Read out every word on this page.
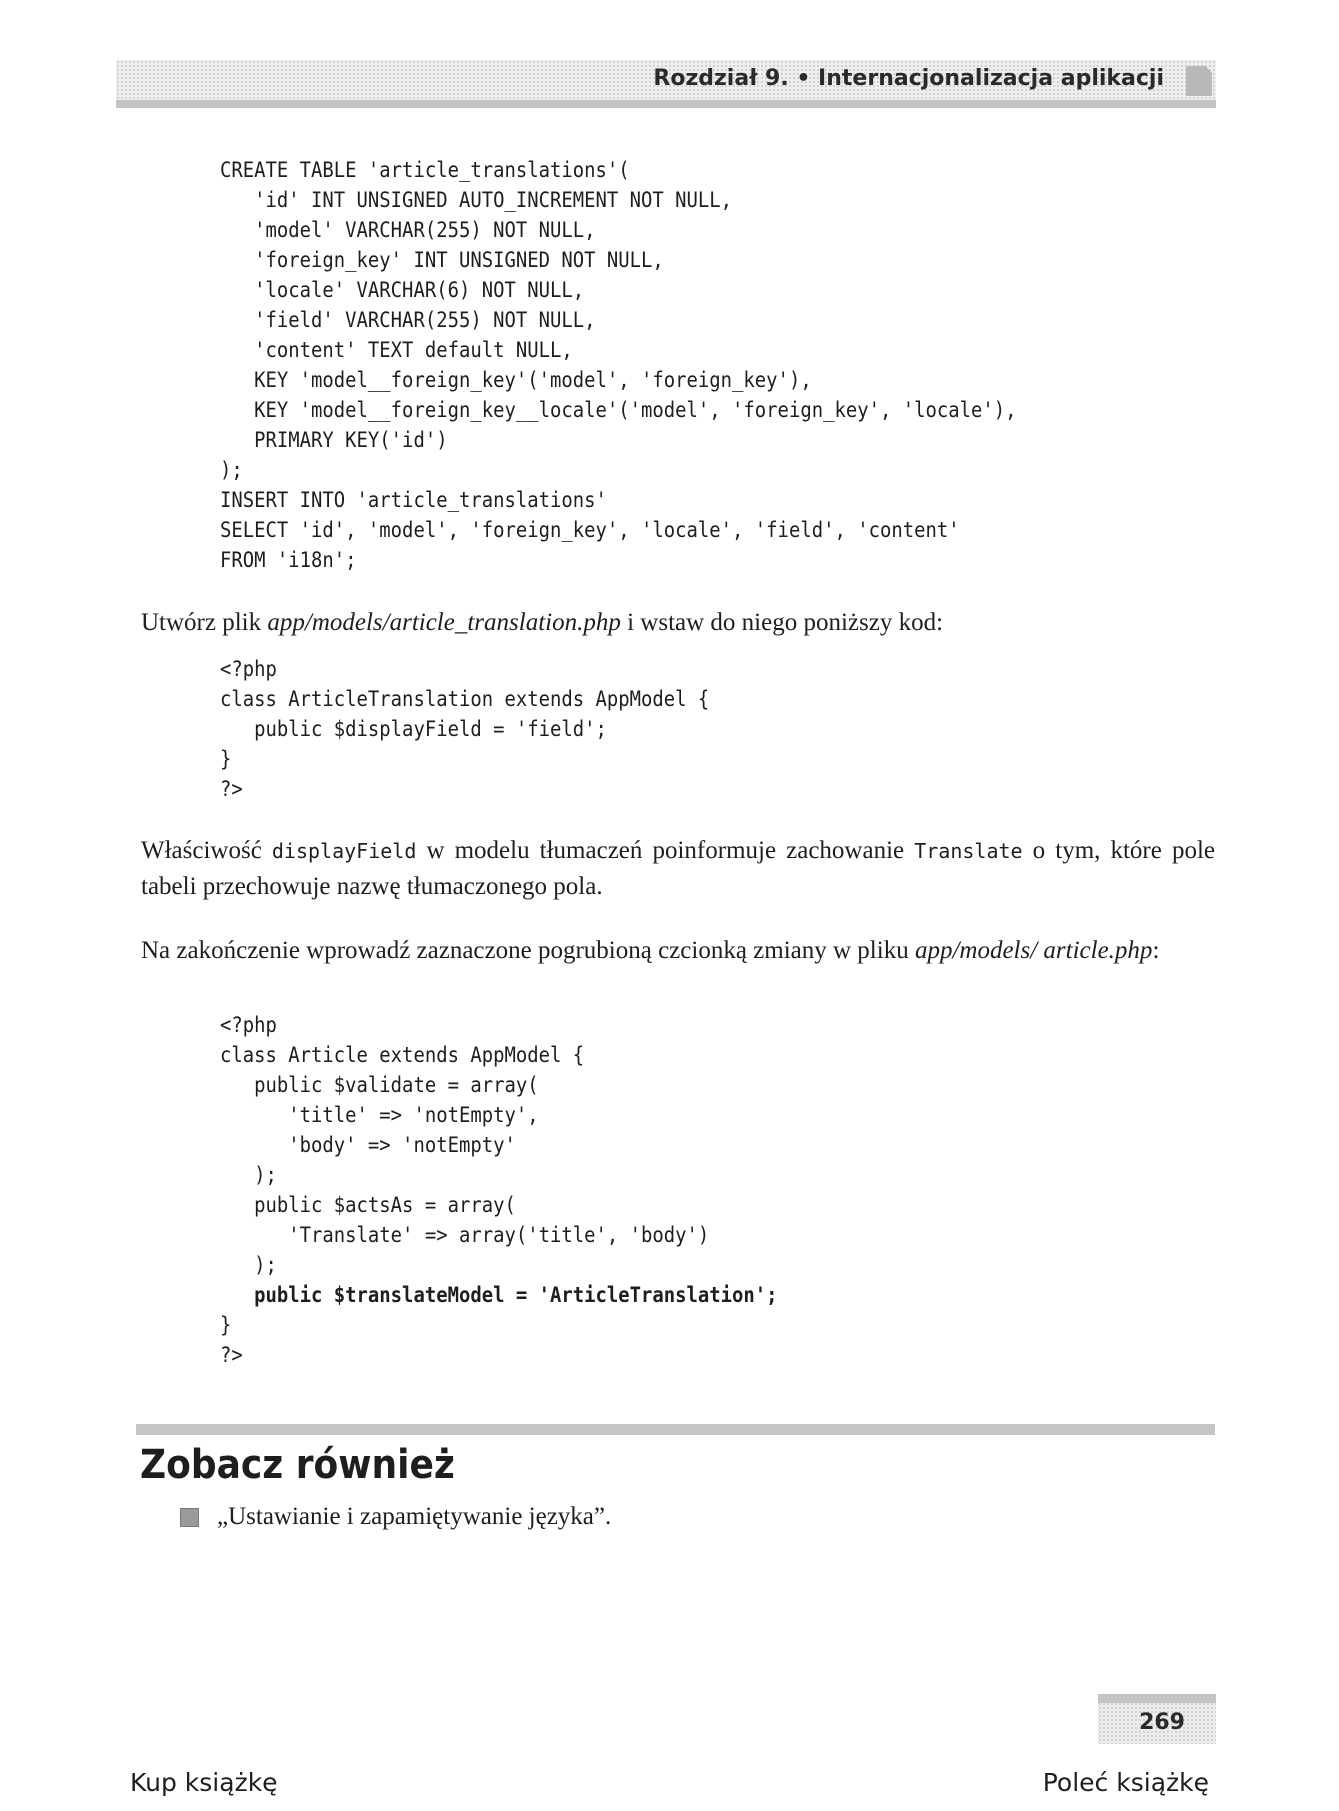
Rozdział 9. • Internacjonalizacja aplikacji
CREATE TABLE 'article_translations'(
'id' INT UNSIGNED AUTO_INCREMENT NOT NULL,
'model' VARCHAR(255) NOT NULL,
'foreign_key' INT UNSIGNED NOT NULL,
'locale' VARCHAR(6) NOT NULL,
'field' VARCHAR(255) NOT NULL,
'content' TEXT default NULL,
KEY 'model__foreign_key'('model', 'foreign_key'),
KEY 'model__foreign_key__locale'('model', 'foreign_key', 'locale'),
PRIMARY KEY('id')
);
INSERT INTO 'article_translations'
SELECT 'id', 'model', 'foreign_key', 'locale', 'field', 'content'
FROM 'i18n';

Utwórz plik app/models/article_translation.php i wstaw do niego poniższy kod:

<?php
class ArticleTranslation extends AppModel {
public $displayField = 'field';
}
?>

Właściwość displayField w modelu tłumaczeń poinformuje zachowanie Translate o tym, które pole tabeli przechowuje nazwę tłumaczonego pola.

Na zakończenie wprowadź zaznaczone pogrubioną czcionką zmiany w pliku app/models/ article.php:

<?php
class Article extends AppModel {
public $validate = array(
'title' => 'notEmpty',
'body' => 'notEmpty'
);
public $actsAs = array(
'Translate' => array('title', 'body')
);
public $translateModel = 'ArticleTranslation';
}
?>
Zobacz również
„Ustawianie i zapamiętywanie języka”.
269
Kup książkę	Poleć książkę
